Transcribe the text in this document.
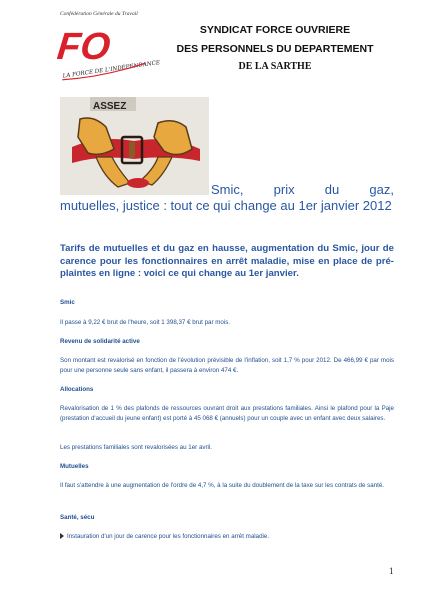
Confédération Générale du Travail
FO
LA FORCE DE L'INDÉPENDANCE
SYNDICAT FORCE OUVRIERE
DES PERSONNELS DU DEPARTEMENT
DE LA SARTHE
ASSEZ
Smic, prix du gaz,
mutuelles, justice : tout ce qui change au 1er janvier 2012
Tarifs de mutuelles et du gaz en hausse, augmentation du Smic, jour de carence pour les fonctionnaires en arrêt maladie, mise en place de pré-plaintes en ligne : voici ce qui change au 1er janvier.
Smic
Il passe à 9,22 € brut de l'heure, soit 1 398,37 € brut par mois.
Revenu de solidarité active
Son montant est revalorisé en fonction de l'évolution prévisible de l'inflation, soit 1,7 % pour 2012. De 466,99 € par mois pour une personne seule sans enfant, il passera à environ 474 €.
Allocations
Revalorisation de 1 % des plafonds de ressources ouvrant droit aux prestations familiales. Ainsi le plafond pour la Paje (prestation d'accueil du jeune enfant) est porté à 45 068 € (annuels) pour un couple avec un enfant avec deux salaires.
Les prestations familiales sont revalorisées au 1er avril.
Mutuelles
Il faut s'attendre à une augmentation de l'ordre de 4,7 %, à la suite du doublement de la taxe sur les contrats de santé.
Santé, sécu
Instauration d'un jour de carence pour les fonctionnaires en arrêt maladie.
1
